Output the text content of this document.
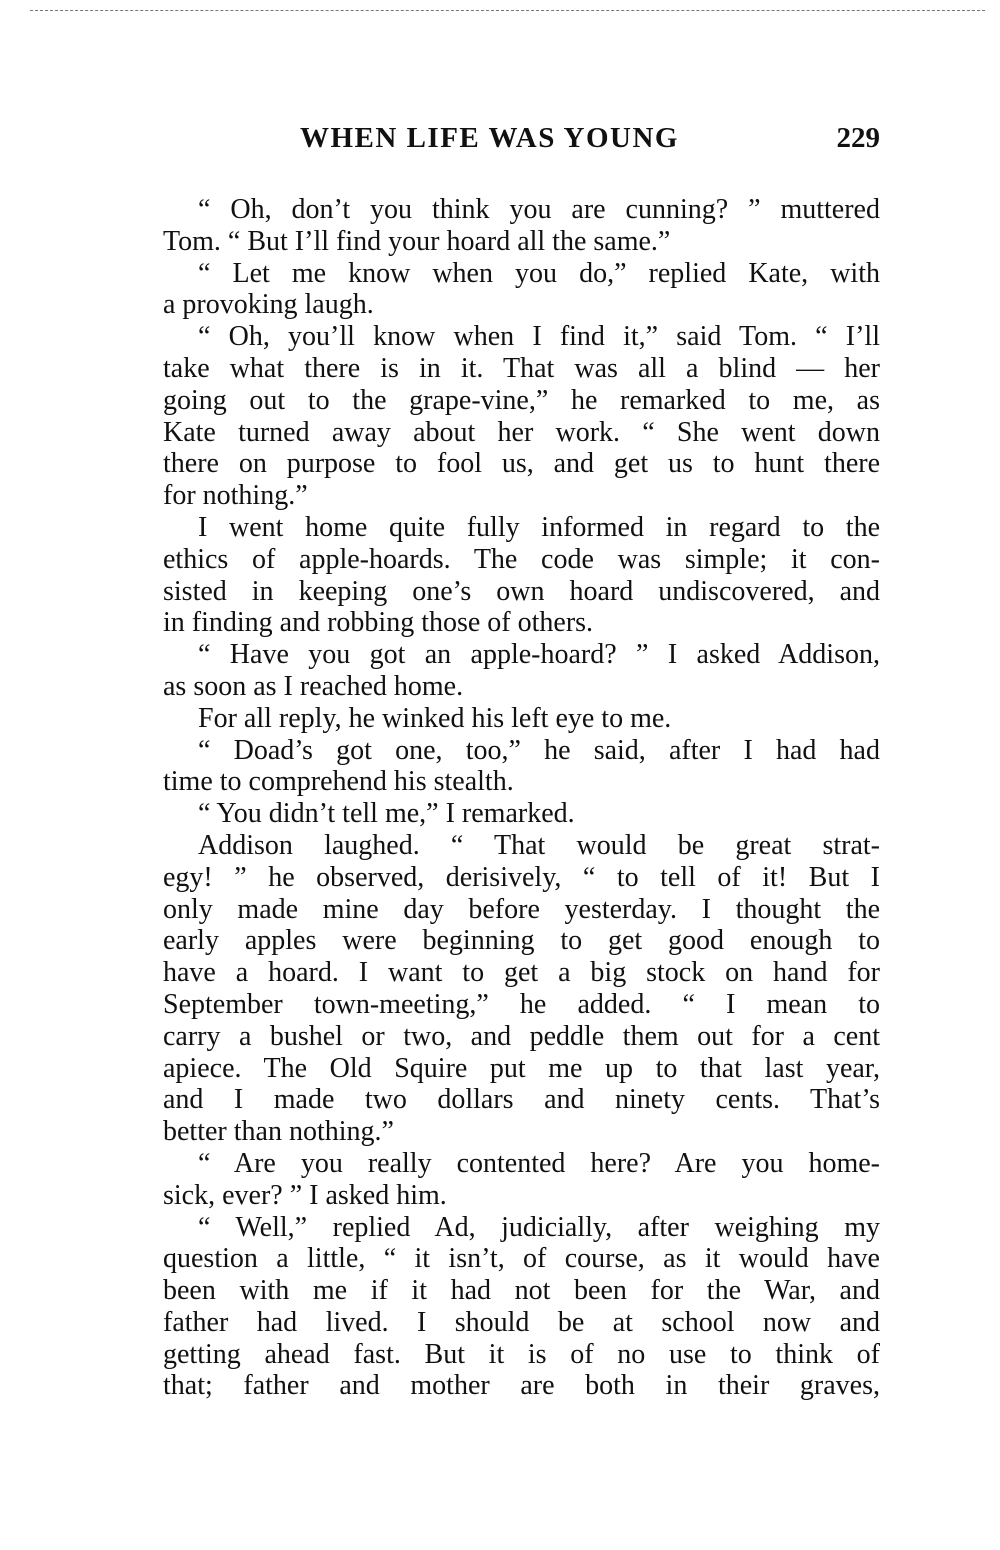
WHEN LIFE WAS YOUNG	229
“ Oh, don’t you think you are cunning? ” muttered
Tom. “ But I’ll find your hoard all the same.”
“ Let me know when you do,” replied Kate, with
a provoking laugh.
“ Oh, you’ll know when I find it,” said Tom. “ I’ll
take what there is in it. That was all a blind — her
going out to the grape-vine,” he remarked to me, as
Kate turned away about her work. “ She went down
there on purpose to fool us, and get us to hunt there
for nothing.”
I went home quite fully informed in regard to the
ethics of apple-hoards. The code was simple; it con-
sisted in keeping one’s own hoard undiscovered, and
in finding and robbing those of others.
“ Have you got an apple-hoard? ” I asked Addison,
as soon as I reached home.
For all reply, he winked his left eye to me.
“ Doad’s got one, too,” he said, after I had had
time to comprehend his stealth.
“ You didn’t tell me,” I remarked.
Addison laughed. “ That would be great strat-
egy! ” he observed, derisively, “ to tell of it! But I
only made mine day before yesterday. I thought the
early apples were beginning to get good enough to
have a hoard. I want to get a big stock on hand for
September town-meeting,” he added. “ I mean to
carry a bushel or two, and peddle them out for a cent
apiece. The Old Squire put me up to that last year,
and I made two dollars and ninety cents. That’s
better than nothing.”
“ Are you really contented here? Are you home-
sick, ever? ” I asked him.
“ Well,” replied Ad, judicially, after weighing my
question a little, “ it isn’t, of course, as it would have
been with me if it had not been for the War, and
father had lived. I should be at school now and
getting ahead fast. But it is of no use to think of
that; father and mother are both in their graves,
